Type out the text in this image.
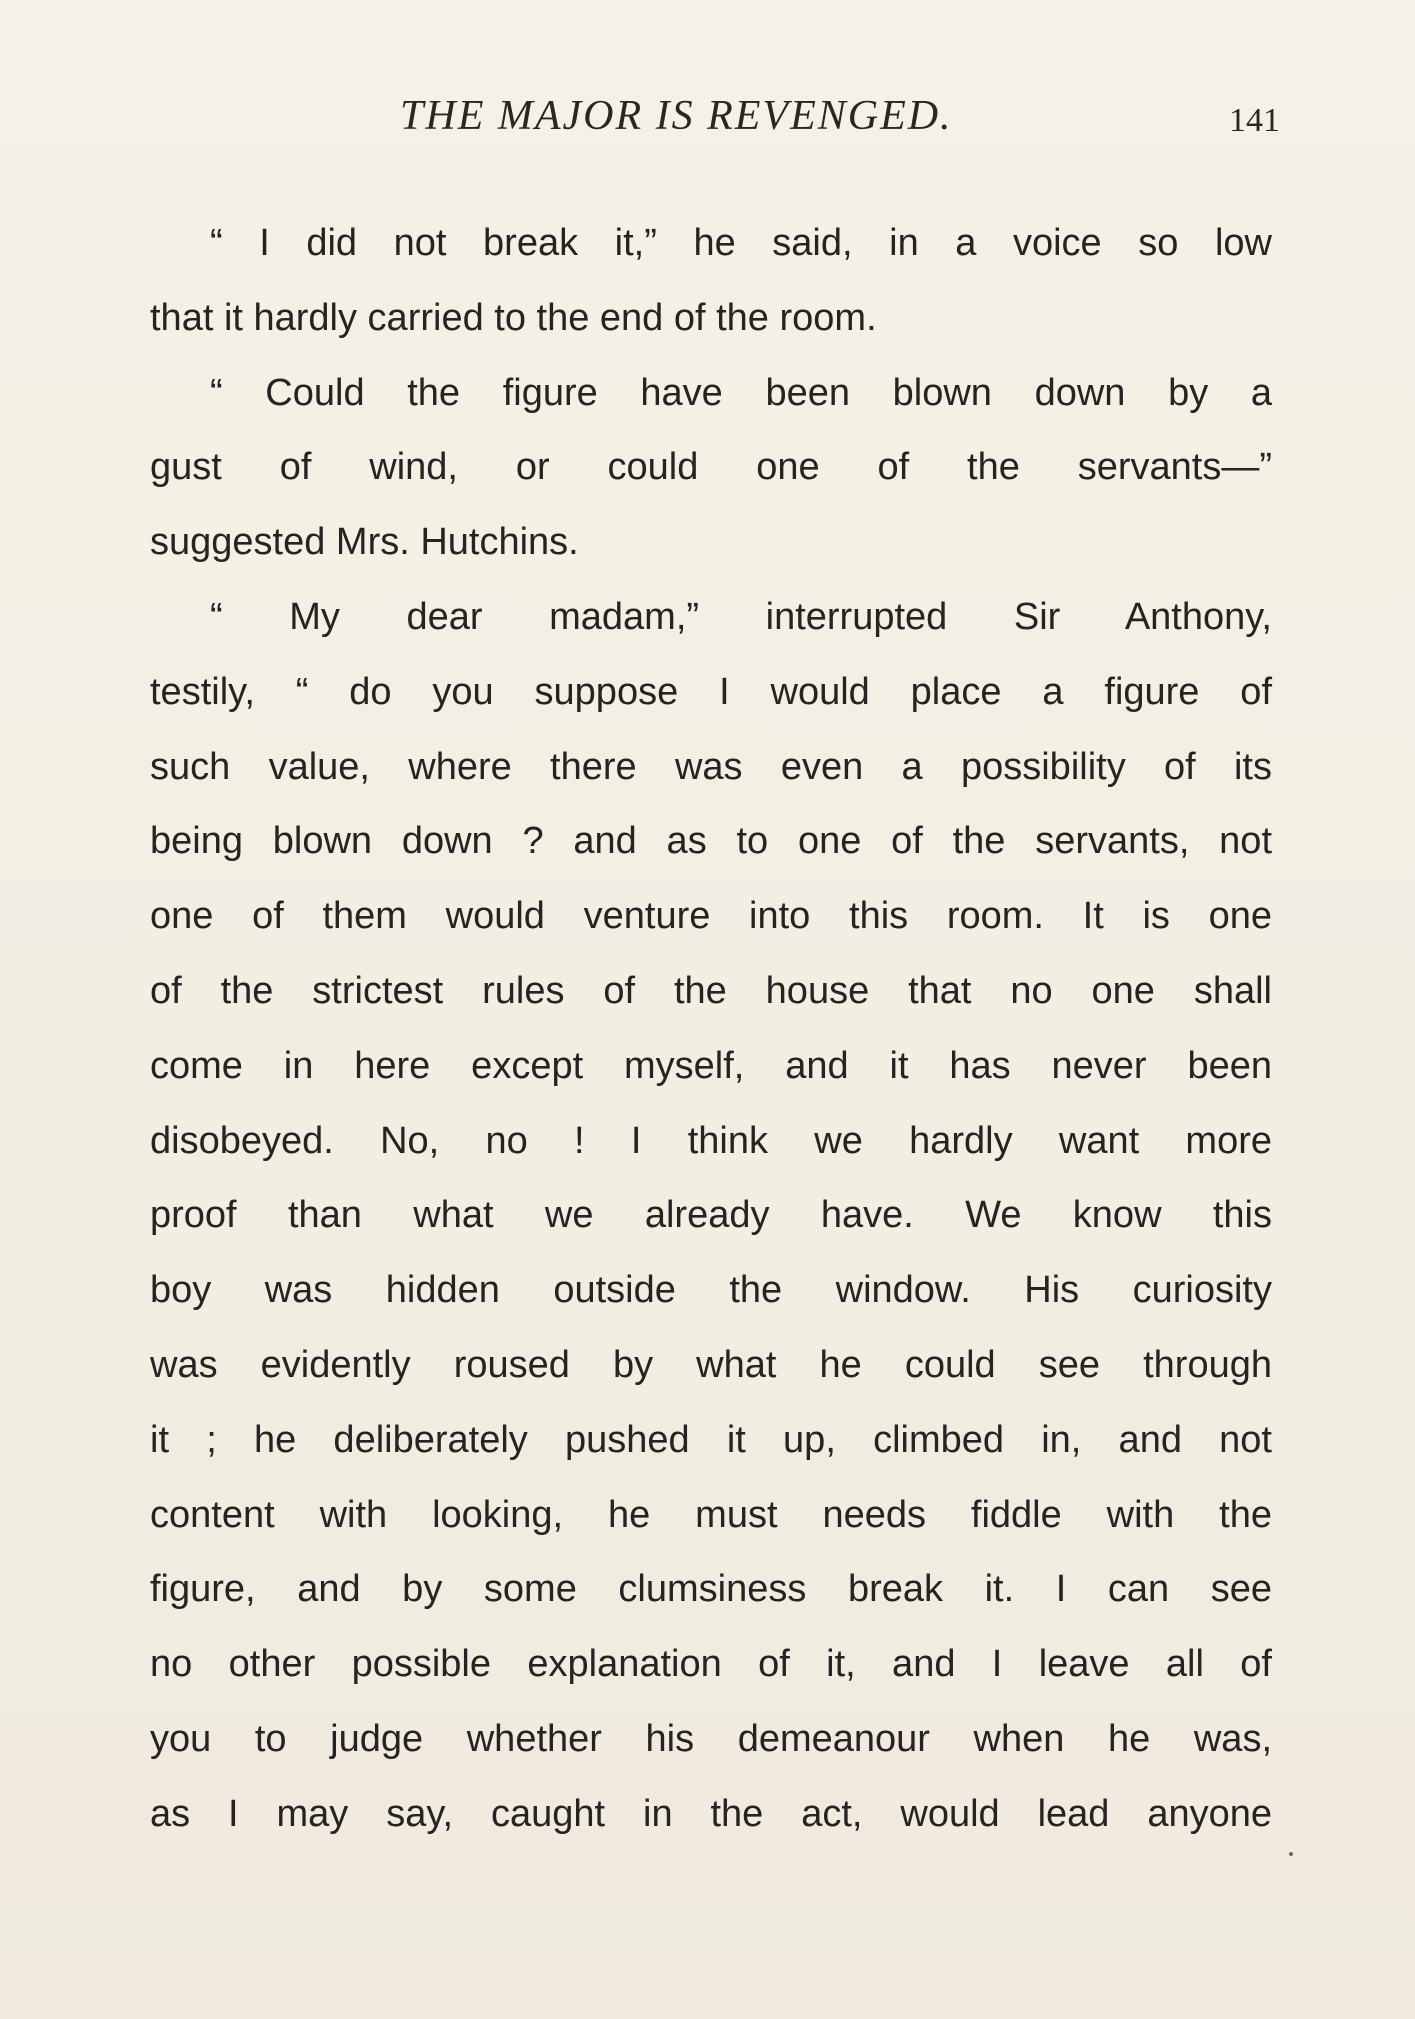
THE MAJOR IS REVENGED.	141
“ I did not break it,” he said, in a voice so low
that it hardly carried to the end of the room.
“ Could the figure have been blown down by a
gust of wind, or could one of the servants—”
suggested Mrs. Hutchins.
“ My dear madam,” interrupted Sir Anthony,
testily, “ do you suppose I would place a figure of
such value, where there was even a possibility of its
being blown down ? and as to one of the servants, not
one of them would venture into this room. It is one
of the strictest rules of the house that no one shall
come in here except myself, and it has never been
disobeyed. No, no ! I think we hardly want more
proof than what we already have. We know this
boy was hidden outside the window. His curiosity
was evidently roused by what he could see through
it ; he deliberately pushed it up, climbed in, and not
content with looking, he must needs fiddle with the
figure, and by some clumsiness break it. I can see
no other possible explanation of it, and I leave all of
you to judge whether his demeanour when he was,
as I may say, caught in the act, would lead anyone
